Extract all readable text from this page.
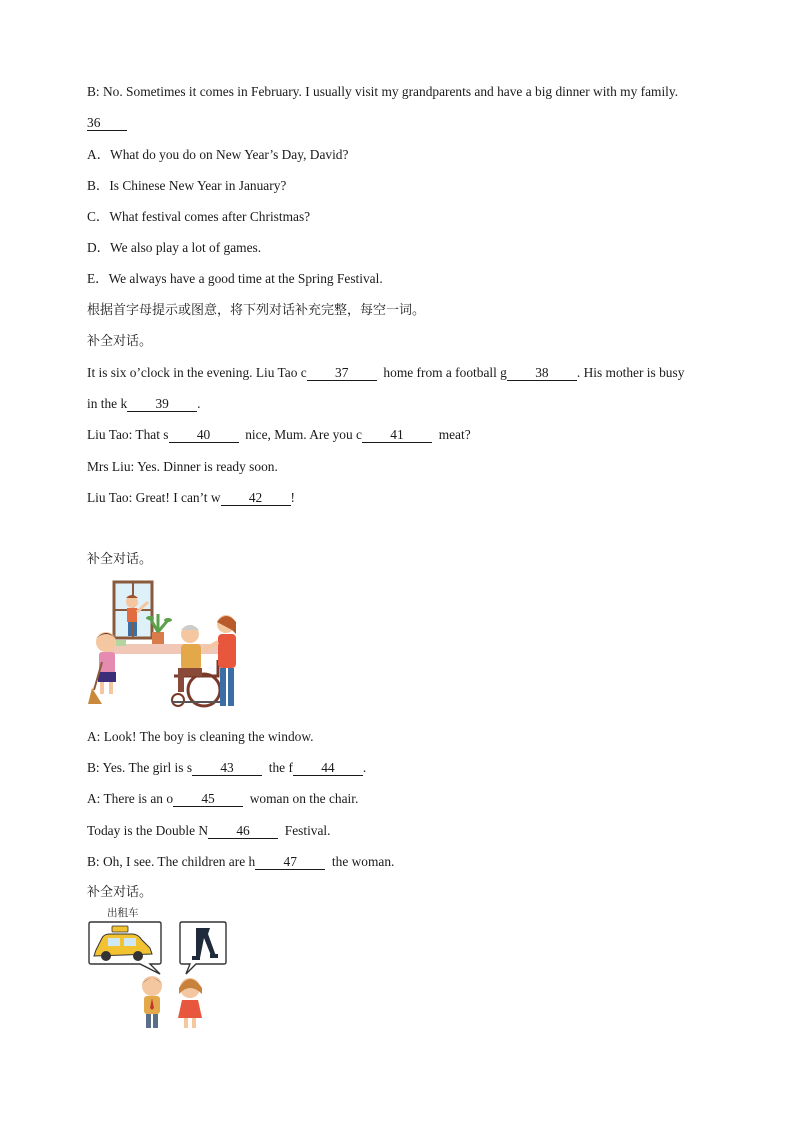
B: No. Sometimes it comes in February. I usually visit my grandparents and have a big dinner with my family.
36
A．What do you do on New Year’s Day, David?
B．Is Chinese New Year in January?
C．What festival comes after Christmas?
D．We also play a lot of games.
E．We always have a good time at the Spring Festival.
根据首字母提示或图意，将下列对话补充完整，每空一词。
补全对话。
It is six o’clock in the evening. Liu Tao c 37	home from a football g 38 . His mother is busy
in the k 39 .
Liu Tao: That s 40	nice, Mum. Are you c 41	meat?
Mrs Liu: Yes. Dinner is ready soon.
Liu Tao: Great! I can’t w 42 !
补全对话。
A: Look! The boy is cleaning the window.
B: Yes. The girl is s 43	the f 44 .
A: There is an o 45	woman on the chair.
Today is the Double N 46	Festival.
B: Oh, I see. The children are h 47	the woman.
补全对话。
出租车
